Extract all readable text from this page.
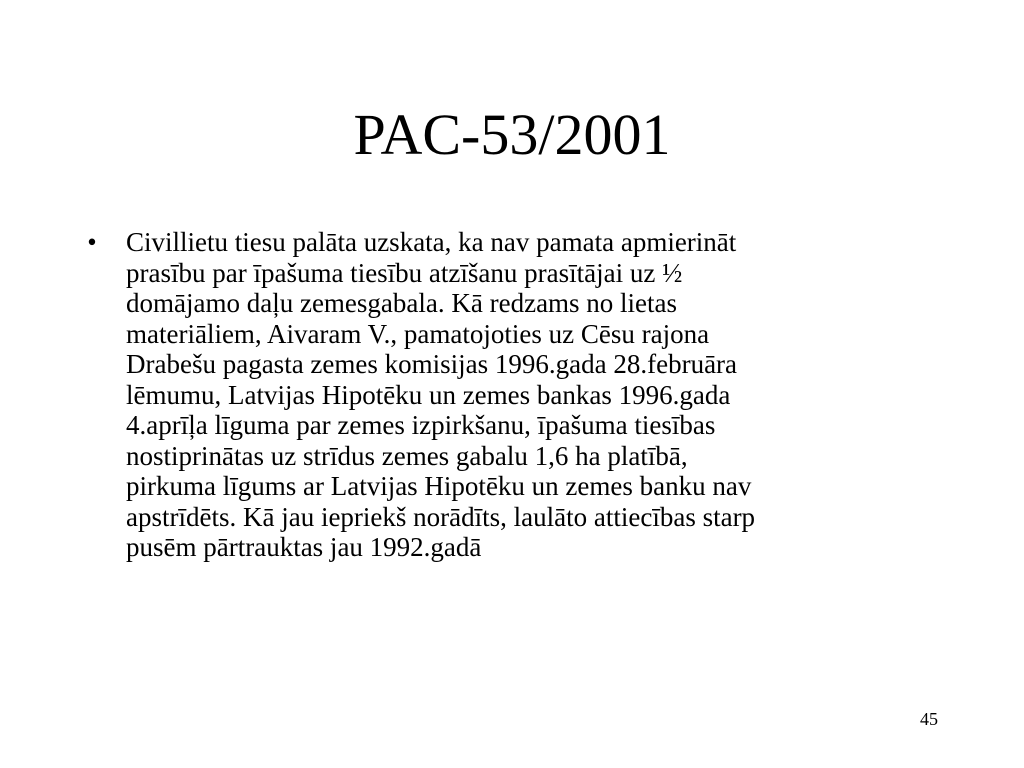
PAC-53/2001
• Civillietu tiesu palāta uzskata, ka nav pamata apmierināt
prasību par īpašuma tiesību atzīšanu prasītājai uz ½
domājamo daļu zemesgabala. Kā redzams no lietas
materiāliem, Aivaram V., pamatojoties uz Cēsu rajona
Drabešu pagasta zemes komisijas 1996.gada 28.februāra
lēmumu, Latvijas Hipotēku un zemes bankas 1996.gada
4.aprīļa līguma par zemes izpirkšanu, īpašuma tiesības
nostiprinātas uz strīdus zemes gabalu 1,6 ha platībā,
pirkuma līgums ar Latvijas Hipotēku un zemes banku nav
apstrīdēts. Kā jau iepriekš norādīts, laulāto attiecības starp
pusēm pārtrauktas jau 1992.gadā
45
